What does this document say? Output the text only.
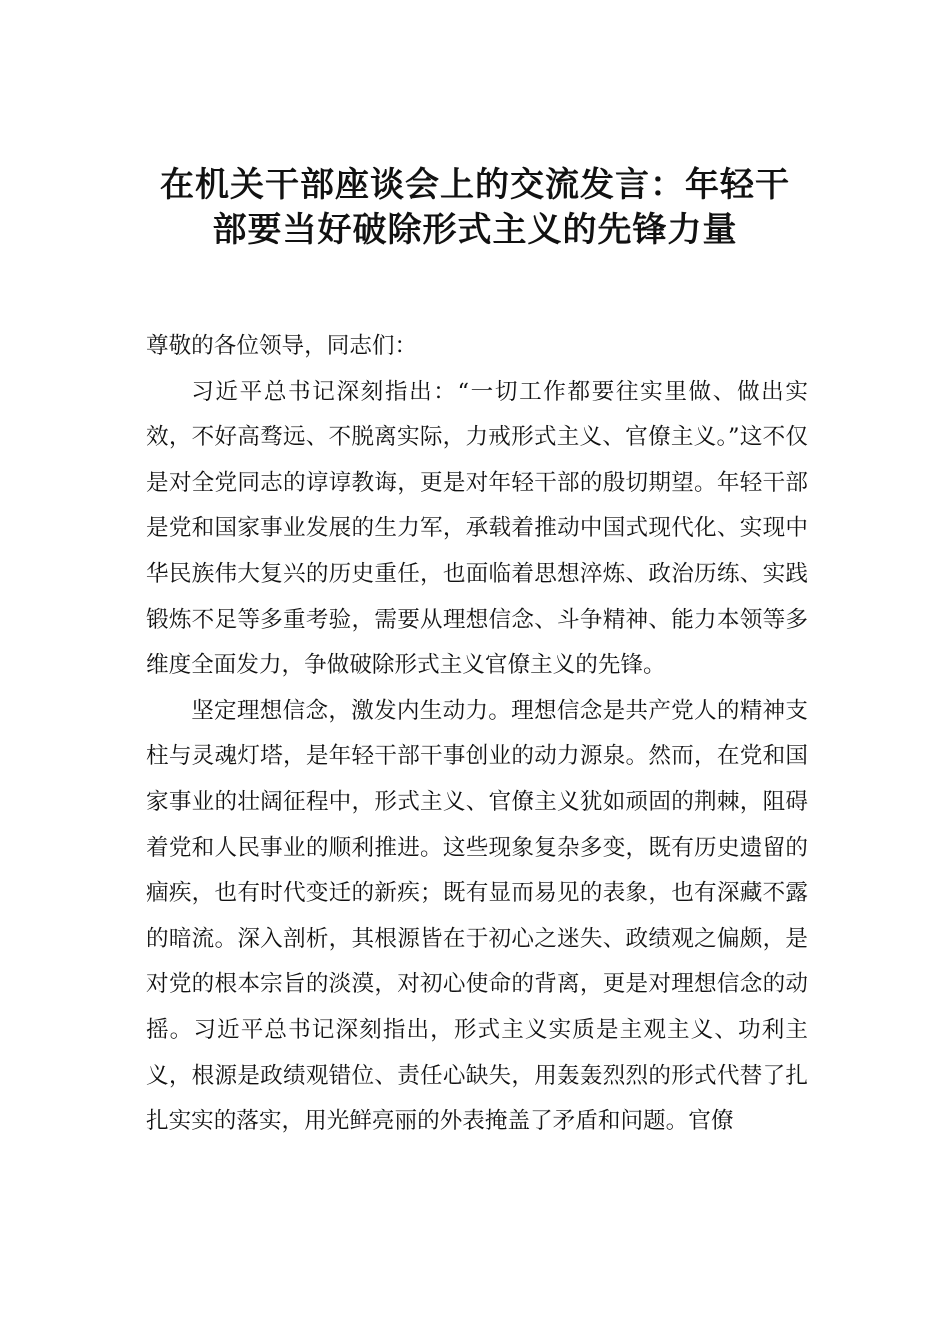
在机关干部座谈会上的交流发言：年轻干
部要当好破除形式主义的先锋力量

尊敬的各位领导，同志们：

习近平总书记深刻指出：“一切工作都要往实里做、做出实效，不好高骛远、不脱离实际，力戒形式主义、官僚主义。”这不仅是对全党同志的谆谆教诲，更是对年轻干部的殷切期望。年轻干部是党和国家事业发展的生力军，承载着推动中国式现代化、实现中华民族伟大复兴的历史重任，也面临着思想淬炼、政治历练、实践锻炼不足等多重考验，需要从理想信念、斗争精神、能力本领等多维度全面发力，争做破除形式主义官僚主义的先锋。

坚定理想信念，激发内生动力。理想信念是共产党人的精神支柱与灵魂灯塔，是年轻干部干事创业的动力源泉。然而，在党和国家事业的壮阔征程中，形式主义、官僚主义犹如顽固的荆棘，阻碍着党和人民事业的顺利推进。这些现象复杂多变，既有历史遗留的痼疾，也有时代变迁的新疾；既有显而易见的表象，也有深藏不露的暗流。深入剖析，其根源皆在于初心之迷失、政绩观之偏颇，是对党的根本宗旨的淡漠，对初心使命的背离，更是对理想信念的动摇。习近平总书记深刻指出，形式主义实质是主观主义、功利主义，根源是政绩观错位、责任心缺失，用轰轰烈烈的形式代替了扎扎实实的落实，用光鲜亮丽的外表掩盖了矛盾和问题。官僚
